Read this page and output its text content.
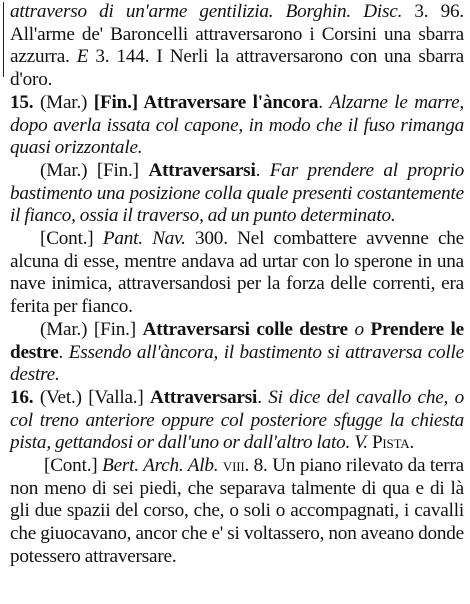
attraverso di un'arme gentilizia. Borghin. Disc. 3. 96. All'arme de' Baroncelli attraversarono i Corsini una sbarra azzurra. E 3. 144. I Nerli la attraversarono con una sbarra d'oro.

15. (Mar.) [Fin.] Attraversare l'àncora. Alzarne le marre, dopo averla issata col capone, in modo che il fuso rimanga quasi orizzontale.

(Mar.) [Fin.] Attraversarsi. Far prendere al proprio bastimento una posizione colla quale presenti costantemente il fianco, ossia il traverso, ad un punto determinato.

[Cont.] Pant. Nav. 300. Nel combattere avvenne che alcuna di esse, mentre andava ad urtar con lo sperone in una nave inimica, attraversandosi per la forza delle correnti, era ferita per fianco.

(Mar.) [Fin.] Attraversarsi colle destre o Prendere le destre. Essendo all'àncora, il bastimento si attraversa colle destre.

16. (Vet.) [Valla.] Attraversarsi. Si dice del cavallo che, o col treno anteriore oppure col posteriore sfugge la chiesta pista, gettandosi or dall'uno or dall'altro lato. V. Pista.

[Cont.] Bert. Arch. Alb. viii. 8. Un piano rilevato da terra non meno di sei piedi, che separava talmente di qua e di là gli due spazii del corso, che, o soli o accompagnati, i cavalli che giuocavano, ancor che e' si voltassero, non aveano donde potessero attraversare.
